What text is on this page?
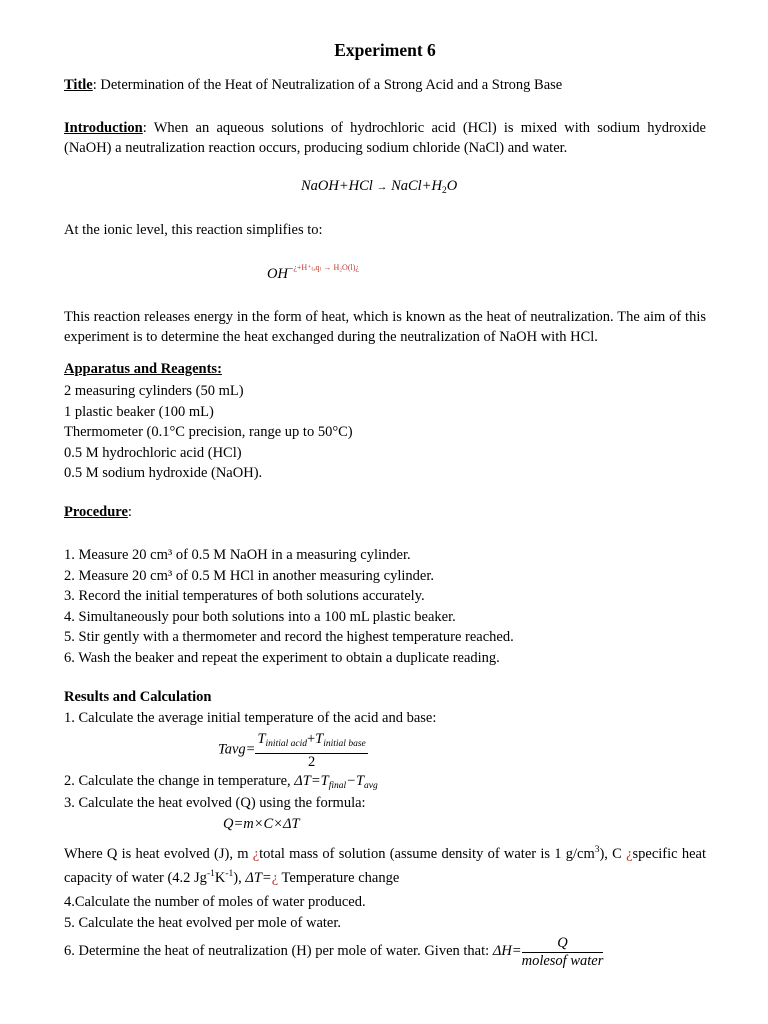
Experiment 6
Title: Determination of the Heat of Neutralization of a Strong Acid and a Strong Base
Introduction: When an aqueous solutions of hydrochloric acid (HCl) is mixed with sodium hydroxide (NaOH) a neutralization reaction occurs, producing sodium chloride (NaCl) and water.
NaOH+HCl → $NaCl+H_2O$
At the ionic level, this reaction simplifies to:
$OH^{-¿+H^+_{(a}q_) \to H_2O(l)¿}$
This reaction releases energy in the form of heat, which is known as the heat of neutralization. The aim of this experiment is to determine the heat exchanged during the neutralization of NaOH with HCl.
Apparatus and Reagents:
2 measuring cylinders (50 mL)
1 plastic beaker (100 mL)
Thermometer (0.1°C precision, range up to 50°C)
0.5 M hydrochloric acid (HCl)
0.5 M sodium hydroxide (NaOH).
Procedure:
1. Measure 20 cm³ of 0.5 M NaOH in a measuring cylinder.
2. Measure 20 cm³ of 0.5 M HCl in another measuring cylinder.
3. Record the initial temperatures of both solutions accurately.
4. Simultaneously pour both solutions into a 100 mL plastic beaker.
5. Stir gently with a thermometer and record the highest temperature reached.
6. Wash the beaker and repeat the experiment to obtain a duplicate reading.
Results and Calculation
1. Calculate the average initial temperature of the acid and base:
Tavg= $\frac{T_{initial acid}+T_{initial base}}{2}$
2. Calculate the change in temperature, $\Delta T=T_{final}-T_{avg}$
3. Calculate the heat evolved (Q) using the formula:
Q=m×C×ΔT
Where Q is heat evolved (J), m ¿total mass of solution (assume density of water is 1 $g/cm^3$), C ¿specific heat capacity of water (4.2 $Jg^{-1}K^{-1}$), ΔT=¿ Temperature change
4.Calculate the number of moles of water produced.
5. Calculate the heat evolved per mole of water.
6. Determine the heat of neutralization (H) per mole of water. Given that: $\Delta H= \frac{Q}{\text{molesof water}}$
